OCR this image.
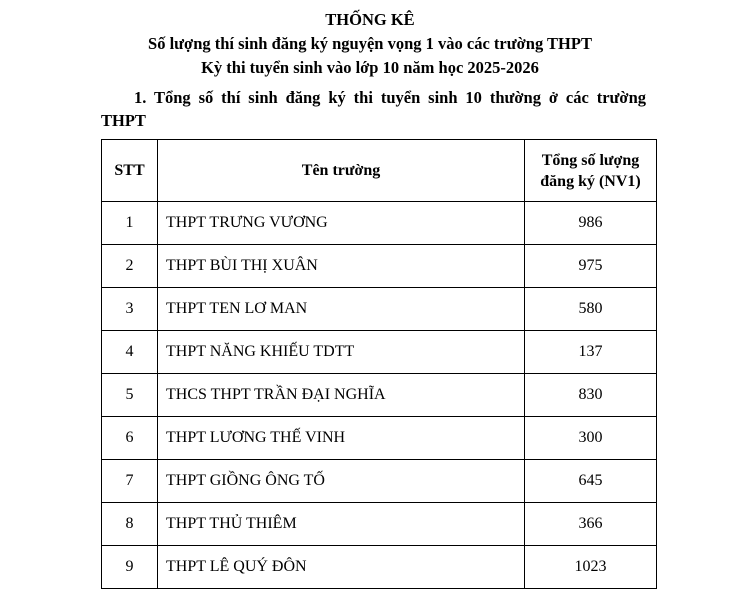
THỐNG KÊ
Số lượng thí sinh đăng ký nguyện vọng 1 vào các trường THPT
Kỳ thi tuyển sinh vào lớp 10 năm học 2025-2026
1. Tổng số thí sinh đăng ký thi tuyển sinh 10 thường ở các trường
THPT
STT	Tên trường	Tổng số lượng
đăng ký (NV1)
1	THPT TRƯNG VƯƠNG	986
2	THPT BÙI THỊ XUÂN	975
3	THPT TEN LƠ MAN	580
4	THPT NĂNG KHIẾU TDTT	137
5	THCS THPT TRẦN ĐẠI NGHĨA	830
6	THPT LƯƠNG THẾ VINH	300
7	THPT GIỒNG ÔNG TỐ	645
8	THPT THỦ THIÊM	366
9	THPT LÊ QUÝ ĐÔN	1023
